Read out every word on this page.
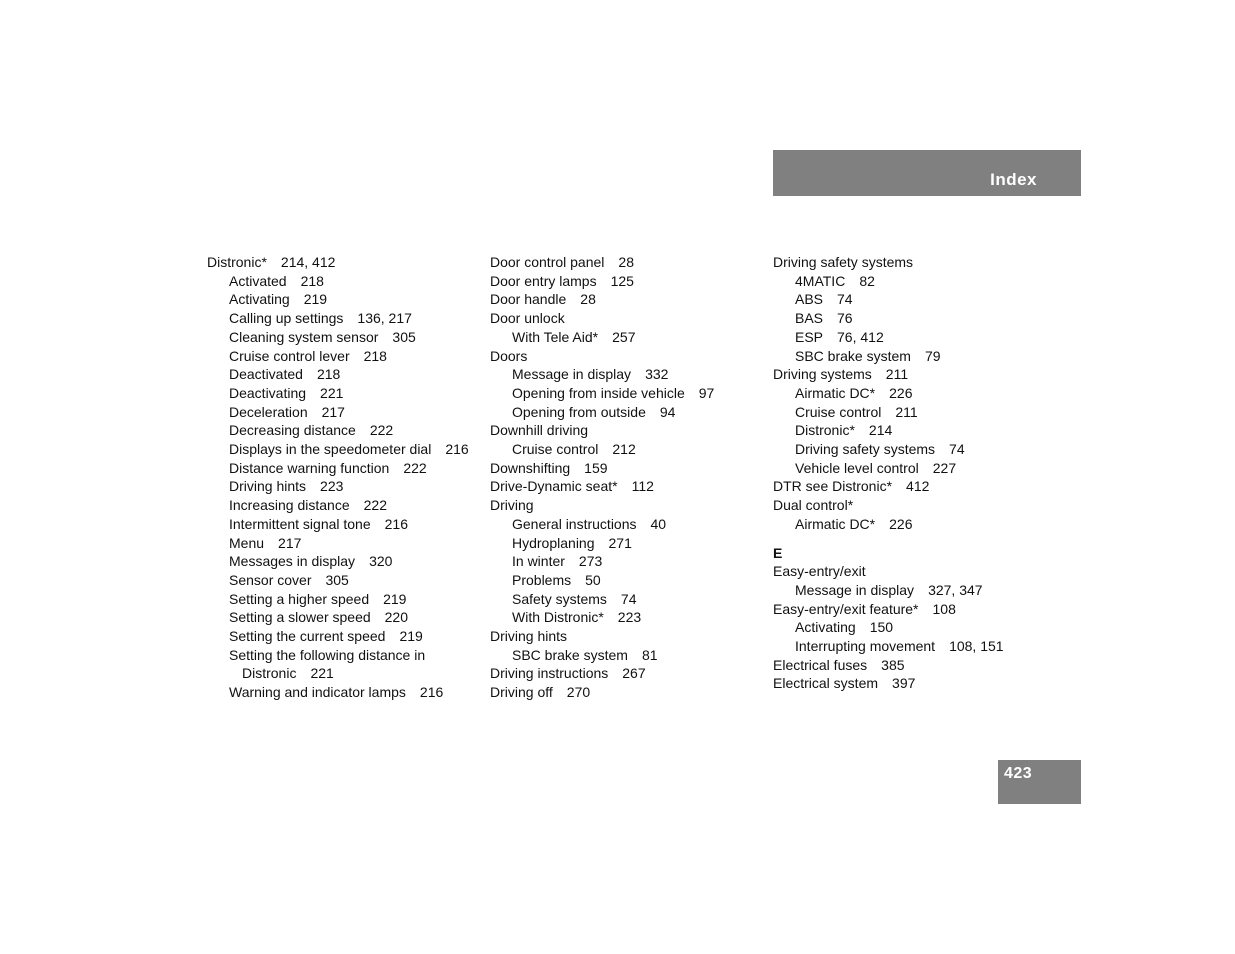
Index
Distronic* 214, 412
Activated 218
Activating 219
Calling up settings 136, 217
Cleaning system sensor 305
Cruise control lever 218
Deactivated 218
Deactivating 221
Deceleration 217
Decreasing distance 222
Displays in the speedometer dial 216
Distance warning function 222
Driving hints 223
Increasing distance 222
Intermittent signal tone 216
Menu 217
Messages in display 320
Sensor cover 305
Setting a higher speed 219
Setting a slower speed 220
Setting the current speed 219
Setting the following distance in
Distronic 221
Warning and indicator lamps 216
Door control panel 28
Door entry lamps 125
Door handle 28
Door unlock
With Tele Aid* 257
Doors
Message in display 332
Opening from inside vehicle 97
Opening from outside 94
Downhill driving
Cruise control 212
Downshifting 159
Drive-Dynamic seat* 112
Driving
General instructions 40
Hydroplaning 271
In winter 273
Problems 50
Safety systems 74
With Distronic* 223
Driving hints
SBC brake system 81
Driving instructions 267
Driving off 270
Driving safety systems
4MATIC 82
ABS 74
BAS 76
ESP 76, 412
SBC brake system 79
Driving systems 211
Airmatic DC* 226
Cruise control 211
Distronic* 214
Driving safety systems 74
Vehicle level control 227
DTR see Distronic* 412
Dual control*
Airmatic DC* 226
E
Easy-entry/exit
Message in display 327, 347
Easy-entry/exit feature* 108
Activating 150
Interrupting movement 108, 151
Electrical fuses 385
Electrical system 397
423
